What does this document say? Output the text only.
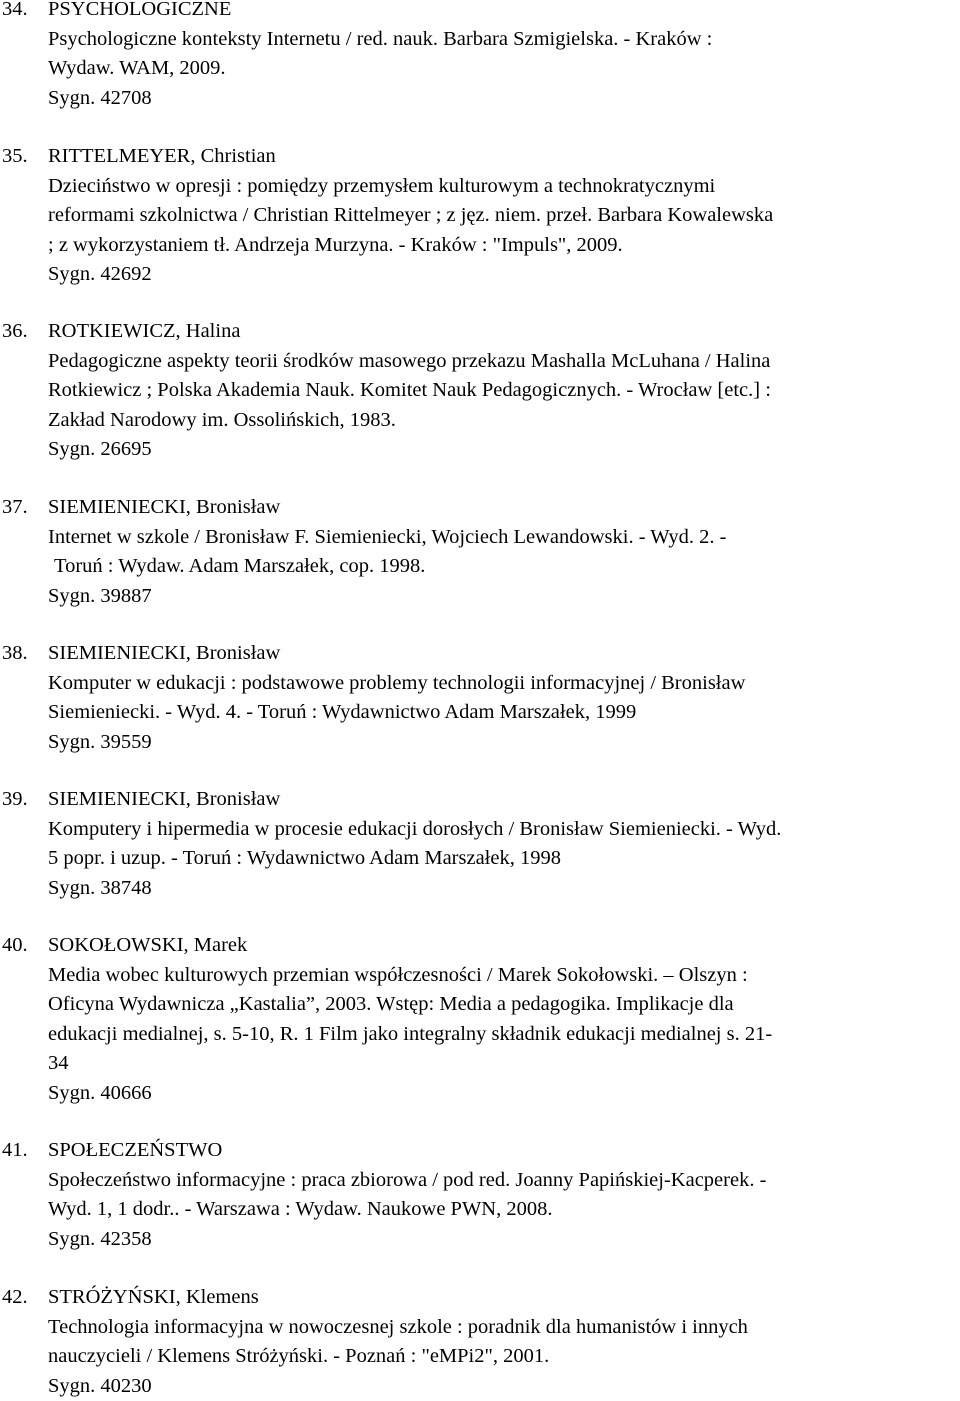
34. PSYCHOLOGICZNE
Psychologiczne konteksty Internetu / red. nauk. Barbara Szmigielska. - Kraków :
Wydaw. WAM, 2009.
Sygn. 42708
35. RITTELMEYER, Christian
Dzieciństwo w opresji : pomiędzy przemysłem kulturowym a technokratycznymi
reformami szkolnictwa / Christian Rittelmeyer ; z jęz. niem. przeł. Barbara Kowalewska
; z wykorzystaniem tł. Andrzeja Murzyna. - Kraków : "Impuls", 2009.
Sygn. 42692
36. ROTKIEWICZ, Halina
Pedagogiczne aspekty teorii środków masowego przekazu Mashalla McLuhana / Halina
Rotkiewicz ; Polska Akademia Nauk. Komitet Nauk Pedagogicznych. - Wrocław [etc.] :
Zakład Narodowy im. Ossolińskich, 1983.
Sygn. 26695
37. SIEMIENIECKI, Bronisław
Internet w szkole / Bronisław F. Siemieniecki, Wojciech Lewandowski. - Wyd. 2. -
Toruń : Wydaw. Adam Marszałek, cop. 1998.
Sygn. 39887
38. SIEMIENIECKI, Bronisław
Komputer w edukacji : podstawowe problemy technologii informacyjnej / Bronisław
Siemieniecki. - Wyd. 4. - Toruń : Wydawnictwo Adam Marszałek, 1999
Sygn. 39559
39. SIEMIENIECKI, Bronisław
Komputery i hipermedia w procesie edukacji dorosłych / Bronisław Siemieniecki. - Wyd.
5 popr. i uzup. - Toruń : Wydawnictwo Adam Marszałek, 1998
Sygn. 38748
40. SOKOŁOWSKI, Marek
Media wobec kulturowych przemian współczesności / Marek Sokołowski. – Olszyn :
Oficyna Wydawnicza „Kastalia”, 2003. Wstęp: Media a pedagogika. Implikacje dla
edukacji medialnej, s. 5-10, R. 1 Film jako integralny składnik edukacji medialnej s. 21-
34
Sygn. 40666
41. SPOŁECZEŃSTWO
Społeczeństwo informacyjne : praca zbiorowa / pod red. Joanny Papińskiej-Kacperek. -
Wyd. 1, 1 dodr.. - Warszawa : Wydaw. Naukowe PWN, 2008.
Sygn. 42358
42. STRÓŻYŃSKI, Klemens
Technologia informacyjna w nowoczesnej szkole : poradnik dla humanistów i innych
nauczycieli / Klemens Stróżyński. - Poznań : "eMPi2", 2001.
Sygn. 40230
